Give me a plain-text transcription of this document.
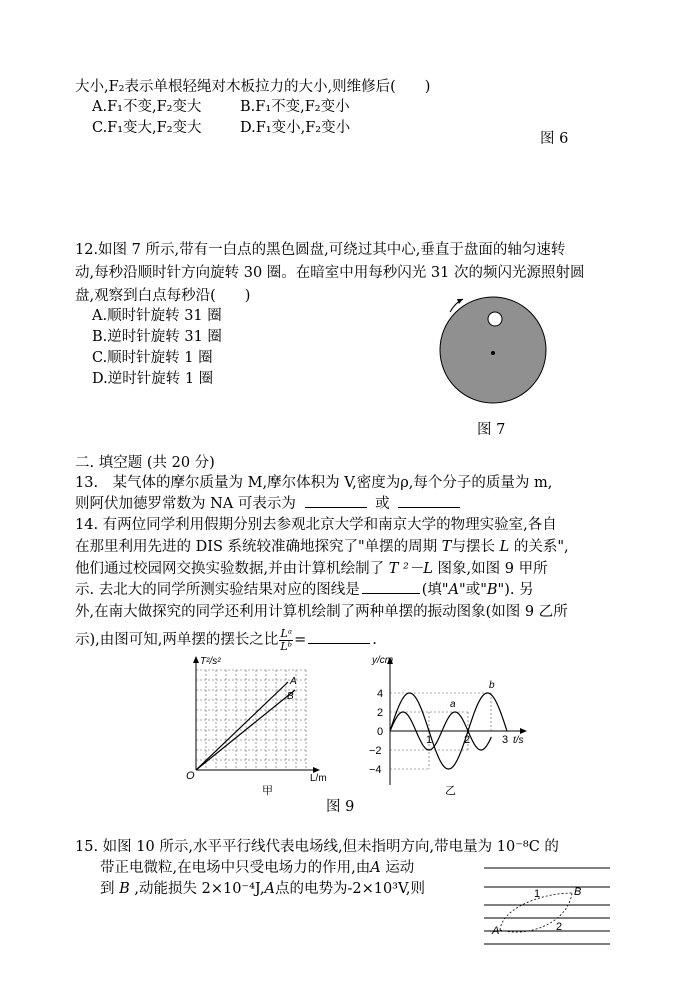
大小,F₂表示单根轻绳对木板拉力的大小,则维修后(　　)
A.F₁不变,F₂变大	B.F₁不变,F₂变小
C.F₁变大,F₂变大	D.F₁变小,F₂变小
图 6
12.如图 7 所示,带有一白点的黑色圆盘,可绕过其中心,垂直于盘面的轴匀速转
动,每秒沿顺时针方向旋转 30 圈。在暗室中用每秒闪光 31 次的频闪光源照射圆
盘,观察到白点每秒沿(　　)
A.顺时针旋转 31 圈
B.逆时针旋转 31 圈
C.顺时针旋转 1 圈
D.逆时针旋转 1 圈
图 7
二. 填空题 (共 20 分)
13.　某气体的摩尔质量为 M,摩尔体积为 V,密度为ρ,每个分子的质量为 m,
则阿伏加德罗常数为 NA 可表示为	或
14. 有两位同学利用假期分别去参观北京大学和南京大学的物理实验室,各自
在那里利用先进的 DIS 系统较准确地探究了"单摆的周期 T与摆长 L 的关系",
他们通过校园网交换实验数据,并由计算机绘制了 T ²－L 图象,如图 9 甲所
示. 去北大的同学所测实验结果对应的图线是	(填"A"或"B"). 另
外,在南大做探究的同学还利用计算机绘制了两种单摆的振动图象(如图 9 乙所
示),由图可知,两单摆的摆长之比 $\frac{\text{Lᵃ}}{\text{Lᵇ}}$ =	.
T²/s²
L/m
O
A
B
甲
y/cm
t/s
4
2
0
−2
−4
1	2	3
a
b
乙
图 9
15. 如图 10 所示,水平平行线代表电场线,但未指明方向,带电量为 10⁻⁸C 的
带正电微粒,在电场中只受电场力的作用,由A 运动
到 B ,动能损失 2×10⁻⁴J,A点的电势为-2×10³V,则	1
2
B
A
